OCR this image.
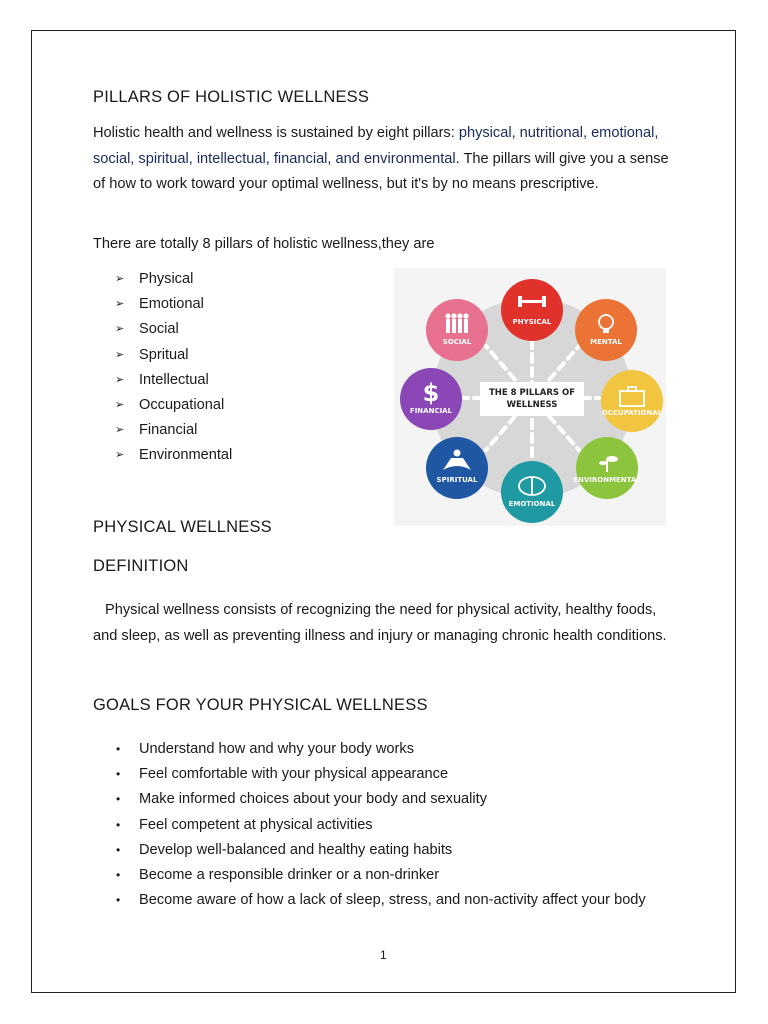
PILLARS OF HOLISTIC WELLNESS
Holistic health and wellness is sustained by eight pillars: physical, nutritional, emotional, social, spiritual, intellectual, financial, and environmental. The pillars will give you a sense of how to work toward your optimal wellness, but it's by no means prescriptive.
There are totally 8 pillars of holistic wellness,they are
➢ Physical
➢ Emotional
➢ Social
➢ Spritual
➢ Intellectual
➢ Occupational
➢ Financial
➢ Environmental
THE 8 PILLARS OF
WELLNESS
PHYSICAL
MENTAL
OCCUPATIONAL
ENVIRONMENTAL
EMOTIONAL
SPIRITUAL
$
FINANCIAL
SOCIAL
PHYSICAL WELLNESS
DEFINITION
Physical wellness consists of recognizing the need for physical activity, healthy foods, and sleep, as well as preventing illness and injury or managing chronic health conditions.
GOALS FOR YOUR PHYSICAL WELLNESS
• Understand how and why your body works
• Feel comfortable with your physical appearance
• Make informed choices about your body and sexuality
• Feel competent at physical activities
• Develop well-balanced and healthy eating habits
• Become a responsible drinker or a non-drinker
• Become aware of how a lack of sleep, stress, and non-activity affect your body
1
